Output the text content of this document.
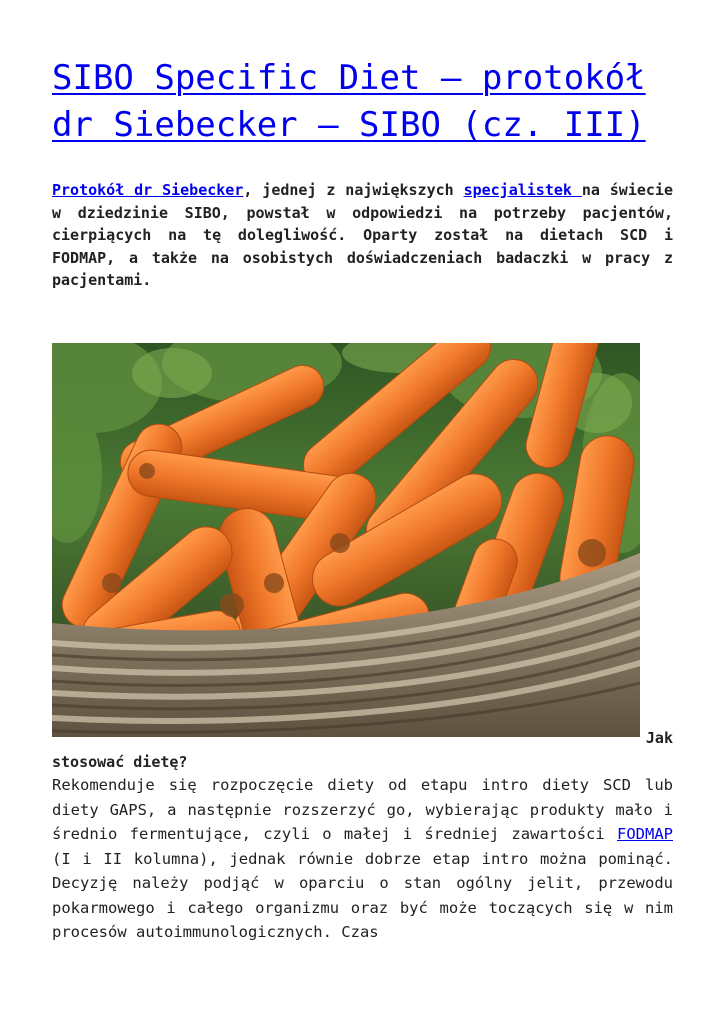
SIBO Specific Diet – protokół dr Siebecker – SIBO (cz. III)

Protokół dr Siebecker, jednej z największych specjalistek na świecie w dziedzinie SIBO, powstał w odpowiedzi na potrzeby pacjentów, cierpiących na tę dolegliwość. Oparty został na dietach SCD i FODMAP, a także na osobistych doświadczeniach badaczki w pracy z pacjentami.

Jak
stosować dietę?

Rekomenduje się rozpoczęcie diety od etapu intro diety SCD lub diety GAPS, a następnie rozszerzyć go, wybierając produkty mało i średnio fermentujące, czyli o małej i średniej zawartości FODMAP (I i II kolumna), jednak równie dobrze etap intro można pominąć. Decyzję należy podjąć w oparciu o stan ogólny jelit, przewodu pokarmowego i całego organizmu oraz być może toczących się w nim procesów autoimmunologicznych. Czas
